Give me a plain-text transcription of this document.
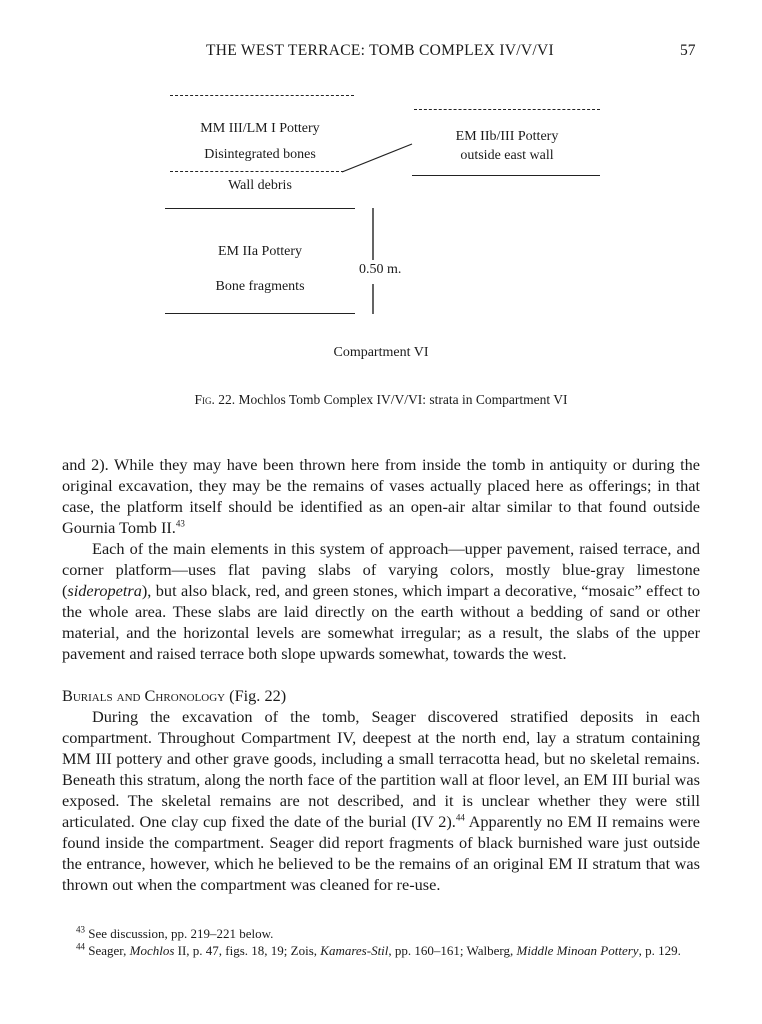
THE WEST TERRACE: TOMB COMPLEX IV/V/VI	57
MM III/LM I Pottery
Disintegrated bones
EM IIb/III Pottery
outside east wall
Wall debris
EM IIa Pottery
Bone fragments
0.50 m.
Compartment VI
Fig. 22. Mochlos Tomb Complex IV/V/VI: strata in Compartment VI

and 2). While they may have been thrown here from inside the tomb in antiquity or during the original excavation, they may be the remains of vases actually placed here as offerings; in that case, the platform itself should be identified as an open-air altar similar to that found outside Gournia Tomb II.$^{43}$

Each of the main elements in this system of approach—upper pavement, raised terrace, and corner platform—uses flat paving slabs of varying colors, mostly blue-gray limestone (sideropetra), but also black, red, and green stones, which impart a decorative, “mosaic” effect to the whole area. These slabs are laid directly on the earth without a bedding of sand or other material, and the horizontal levels are somewhat irregular; as a result, the slabs of the upper pavement and raised terrace both slope upwards somewhat, towards the west.

Burials and Chronology (Fig. 22)

During the excavation of the tomb, Seager discovered stratified deposits in each compartment. Throughout Compartment IV, deepest at the north end, lay a stratum containing MM III pottery and other grave goods, including a small terracotta head, but no skeletal remains. Beneath this stratum, along the north face of the partition wall at floor level, an EM III burial was exposed. The skeletal remains are not described, and it is unclear whether they were still articulated. One clay cup fixed the date of the burial (IV 2).$^{44}$ Apparently no EM II remains were found inside the compartment. Seager did report fragments of black burnished ware just outside the entrance, however, which he believed to be the remains of an original EM II stratum that was thrown out when the compartment was cleaned for re-use.

$^{43}$ See discussion, pp. 219–221 below.

$^{44}$ Seager, Mochlos II, p. 47, figs. 18, 19; Zois, Kamares-Stil, pp. 160–161; Walberg, Middle Minoan Pottery, p. 129.
